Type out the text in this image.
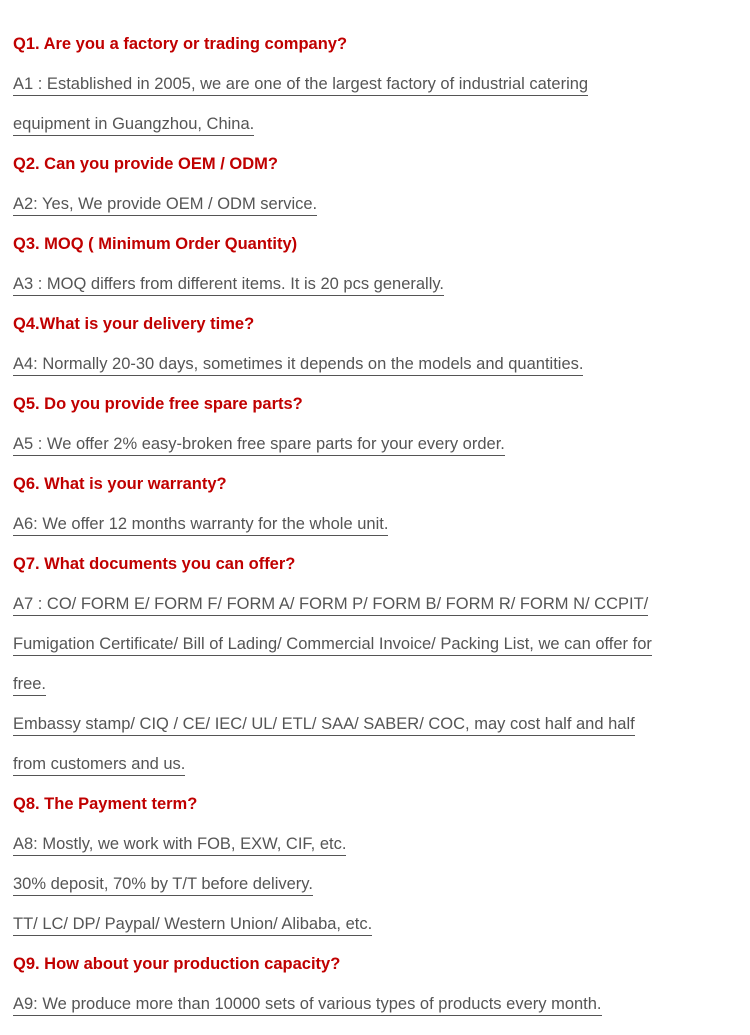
Q1. Are you a factory or trading company?
A1 : Established in 2005, we are one of the largest factory of industrial catering
equipment in Guangzhou, China.
Q2. Can you provide OEM / ODM?
A2: Yes, We provide OEM / ODM service.
Q3. MOQ ( Minimum Order Quantity)
A3 : MOQ differs from different items. It is 20 pcs generally.
Q4.What is your delivery time?
A4: Normally 20-30 days, sometimes it depends on the models and quantities.
Q5. Do you provide free spare parts?
A5 : We offer 2% easy-broken free spare parts for your every order.
Q6. What is your warranty?
A6: We offer 12 months warranty for the whole unit.
Q7. What documents you can offer?
A7 : CO/ FORM E/ FORM F/ FORM A/ FORM P/ FORM B/ FORM R/ FORM N/ CCPIT/
Fumigation Certificate/ Bill of Lading/ Commercial Invoice/ Packing List, we can offer for
free.
Embassy stamp/ CIQ / CE/ IEC/ UL/ ETL/ SAA/ SABER/ COC, may cost half and half
from customers and us.
Q8. The Payment term?
A8: Mostly, we work with FOB, EXW, CIF, etc.
30% deposit, 70% by T/T before delivery.
TT/ LC/ DP/ Paypal/ Western Union/ Alibaba, etc.
Q9. How about your production capacity?
A9: We produce more than 10000 sets of various types of products every month.
